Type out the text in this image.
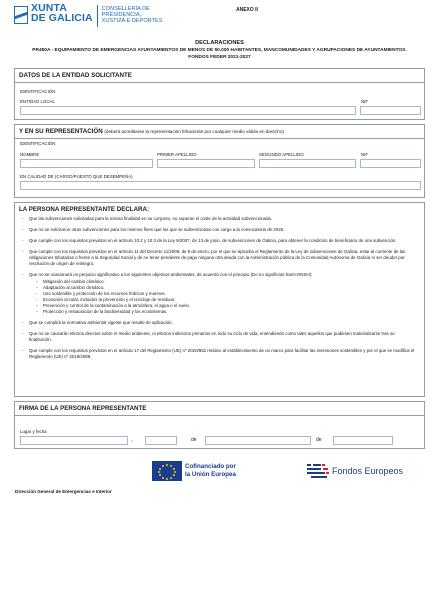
XUNTA
DE GALICIA
CONSELLERÍA DE
PRESIDENCIA,
XUSTIZA E DEPORTES
ANEXO II
DECLARACIONES
PR450A - EQUIPAMIENTO DE EMERGENCIAS AYUNTAMIENTOS DE MENOS DE 50.000 HABITANTES, MANCOMUNIDADES Y AGRUPACIONES DE AYUNTAMIENTOS.
FONDOS FEDER 2021-2027
DATOS DE LA ENTIDAD SOLICITANTE
IDENTIFICACIÓN
ENTIDAD LOCAL	NIF
Y EN SU REPRESENTACIÓN (deberá acreditarse la representación fehaciente por cualquier medio válido en derecho)
IDENTIFICACIÓN
NOMBRE	PRIMER APELLIDO	SEGUNDO APELLIDO	NIF
EN CALIDAD DE (CARGO/PUESTO QUE DESEMPEÑA)
LA PERSONA REPRESENTANTE DECLARA:
- Que las subvenciones solicitadas para la misma finalidad en su conjunto, no superan el coste de la actividad subvencionada.
- Que no se solicitaron otras subvenciones para los mismos fines que los que se subvencionan con cargo a la convocatoria de 2025.
- Que cumple con los requisitos previstos en el artículo 10.2 y 10.3 de la Ley 9/2007, de 13 de junio, de subvenciones de Galicia, para obtener la condición de beneficiario de una subvención.
- Que cumple con los requisitos previstos en el artículo 11 del Decreto 11/2009, de 8 de enero, por el que se aprueba el Reglamento de la Ley de subvenciones de Galicia, estar al corriente de las obligaciones tributarias o frente a la Seguridad Social y de no tener pendiente de pago ninguna otra deuda con la Administración pública de la Comunidad Autónoma de Galicia ni ser deudor por resolución de origen de reintegro.
- Que no se ocasionará un perjuicio significativo a los siguientes objetivos ambientales, de acuerdo con el principio (Do no significant harm-DNSH):
- Mitigación del cambio climático.
- Adaptación al cambio climático.
- Uso sostenible y protección de los recursos hídricos y marinos.
- Economía circular, incluidos la prevención y el reciclaje de residuos.
- Prevención y control de la contaminación a la atmósfera, el agua o el suelo.
- Protección y restauración de la biodiversidad y los ecosistemas.
- Que se cumplirá la normativa ambiental vigente que resulte de aplicación.
- Que no se causarán efectos directos sobre el medio ambiente, ni efectos indirectos primarios en todo su ciclo de vida, entendiendo como tales aquellos que pudiesen materializarse tras su finalización.
- Que cumple con los requisitos previstos en el artículo 17 del Reglamento (UE) nº 2020/852 relativo al establecimiento de un marco para facilitar las inversiones sostenibles y por el que se modifica el Reglamento (UE) nº 2019/2088.
FIRMA DE LA PERSONA REPRESENTANTE
Lugar y fecha
,	de	de
Cofinanciado por
la Unión Europea	Fondos Europeos
Dirección General de Emergencias e Interior
